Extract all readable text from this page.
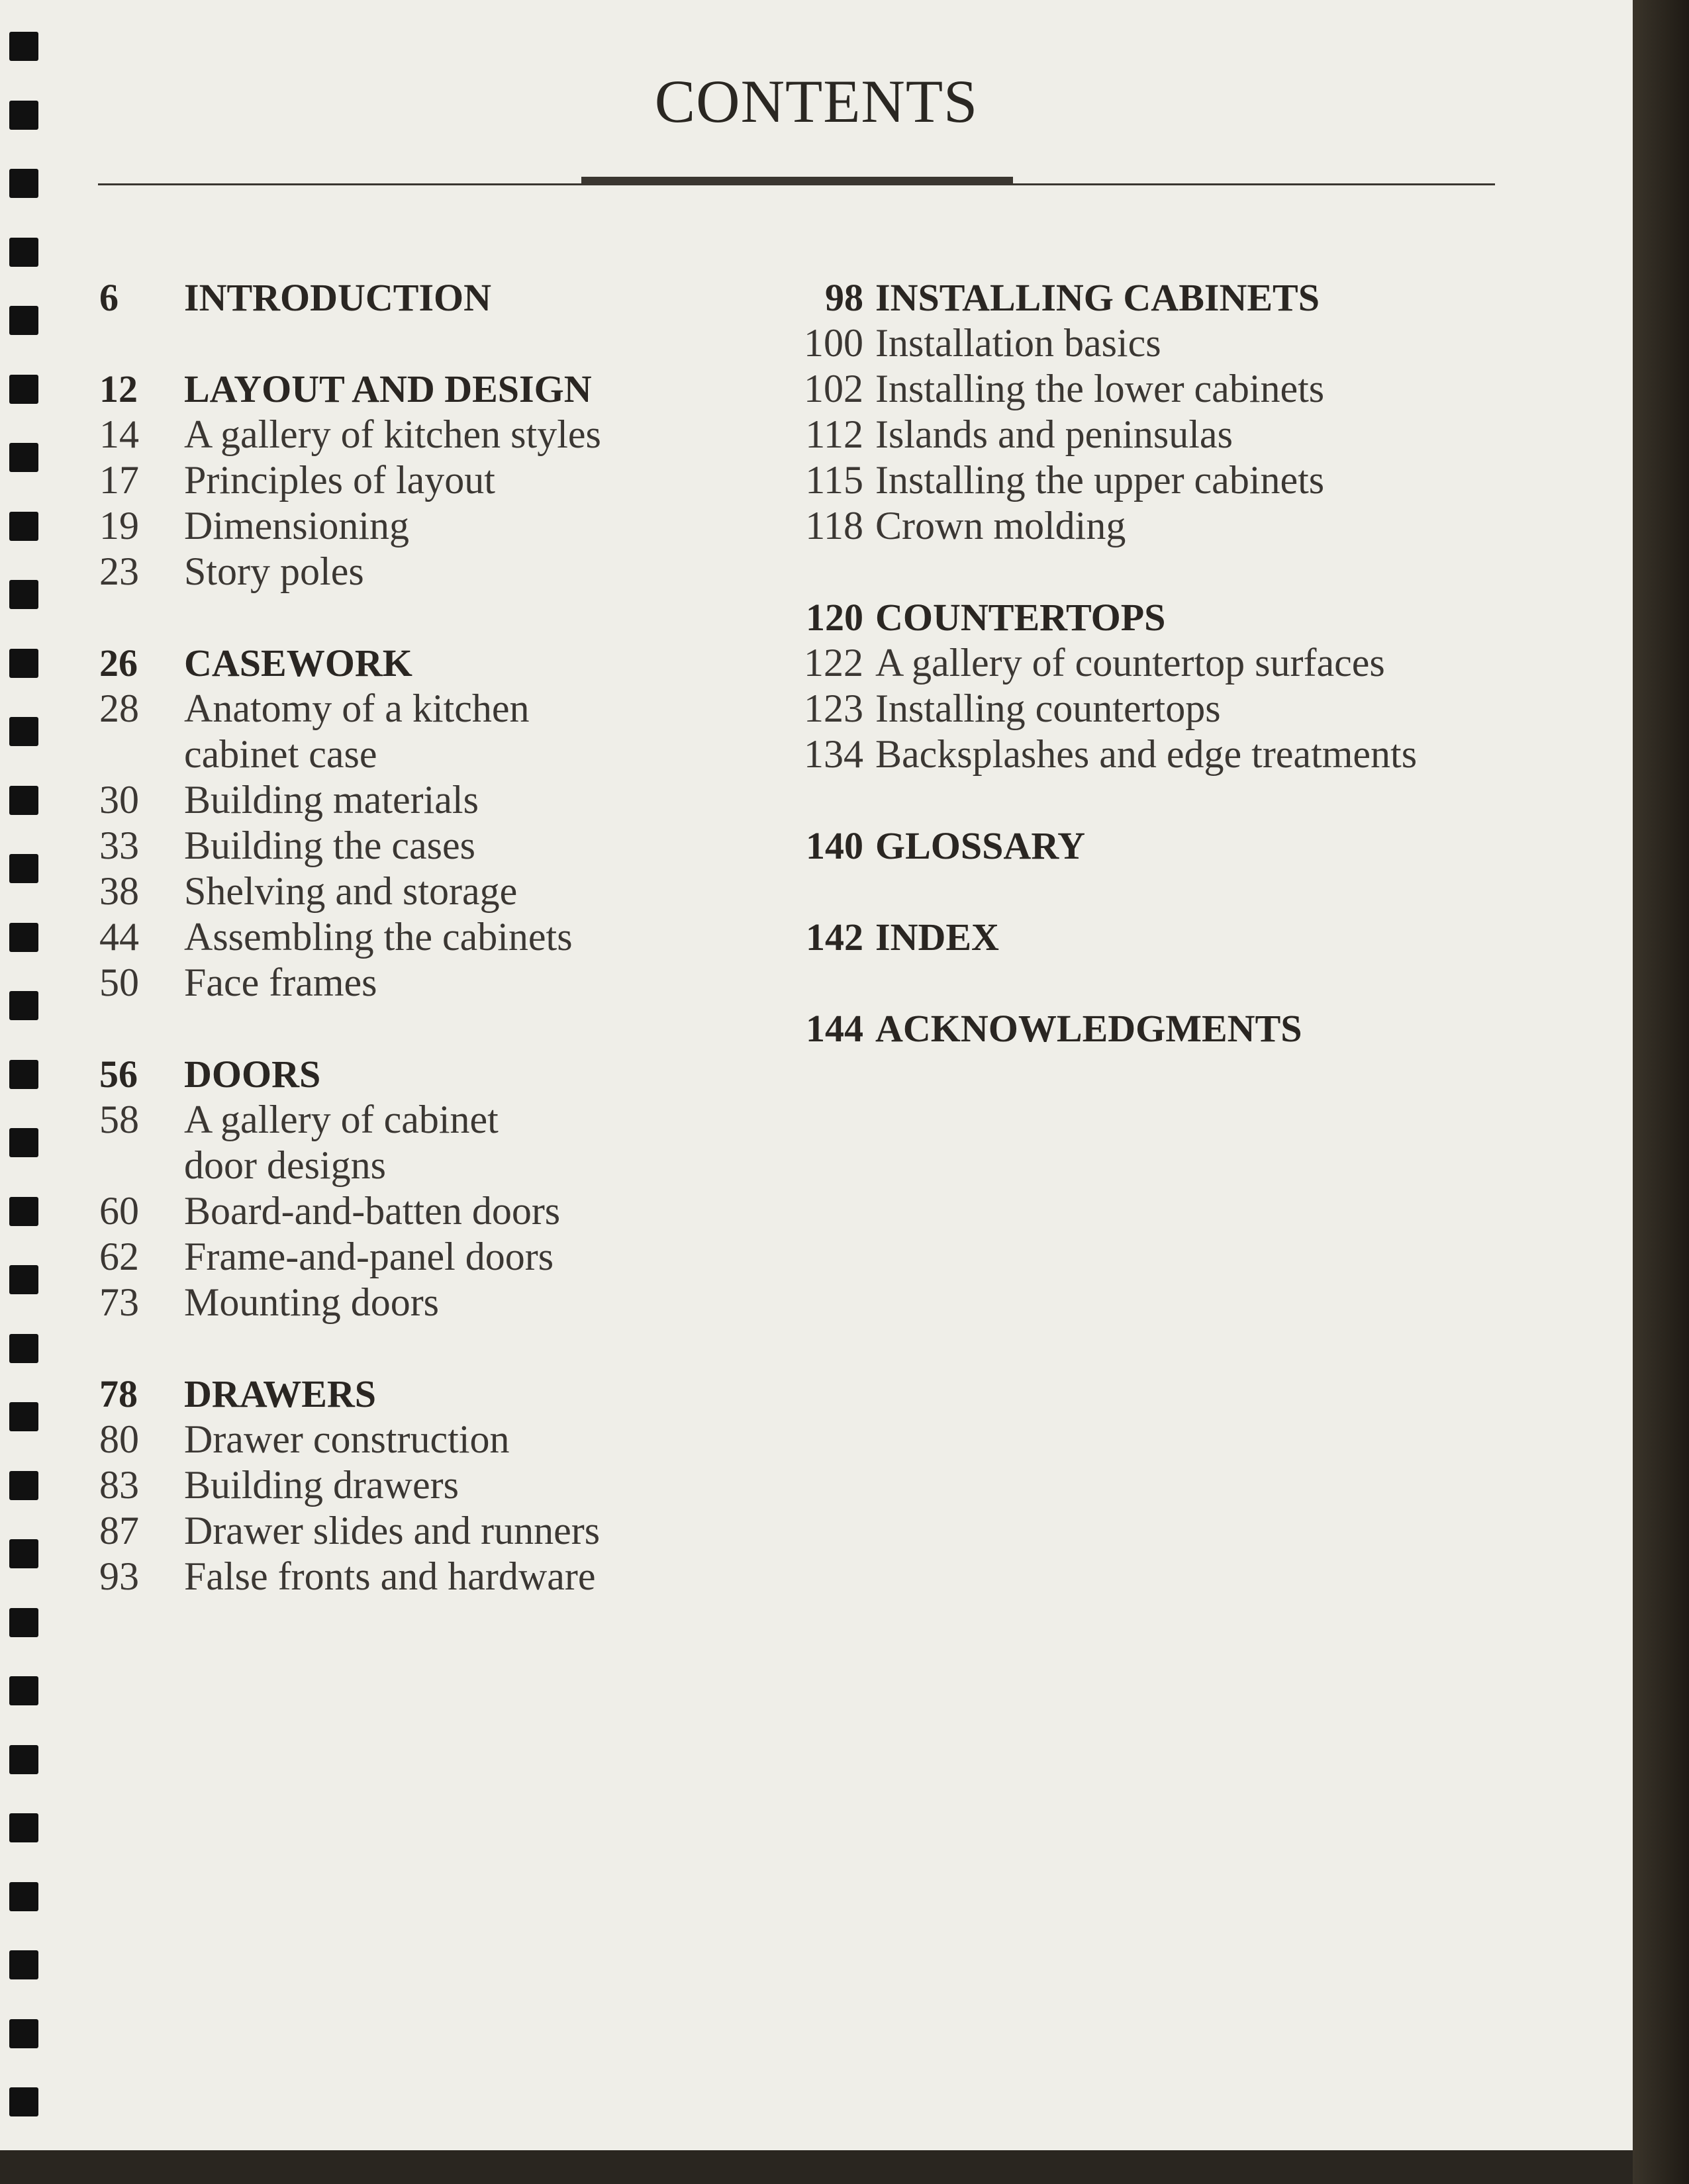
CONTENTS
6	INTRODUCTION
12	LAYOUT AND DESIGN
14	A gallery of kitchen styles
17	Principles of layout
19	Dimensioning
23	Story poles
26	CASEWORK
28	Anatomy of a kitchen
cabinet case
30	Building materials
33	Building the cases
38	Shelving and storage
44	Assembling the cabinets
50	Face frames
56	DOORS
58	A gallery of cabinet
door designs
60	Board-and-batten doors
62	Frame-and-panel doors
73	Mounting doors
78	DRAWERS
80	Drawer construction
83	Building drawers
87	Drawer slides and runners
93	False fronts and hardware
98 INSTALLING CABINETS
100 Installation basics
102 Installing the lower cabinets
112 Islands and peninsulas
115 Installing the upper cabinets
118 Crown molding
120 COUNTERTOPS
122 A gallery of countertop surfaces
123 Installing countertops
134 Backsplashes and edge treatments
140 GLOSSARY
142 INDEX
144 ACKNOWLEDGMENTS
